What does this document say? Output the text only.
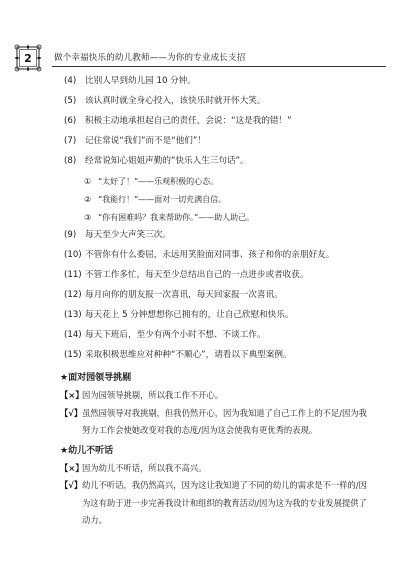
2	做个幸福快乐的幼儿教师——为你的专业成长支招
(4)	比别人早到幼儿园 10 分钟。
(5)	该认真时就全身心投入，该快乐时就开怀大笑。
(6)	积极主动地承担起自己的责任，会说：“这是我的错！”
(7)	记住常说“我们”而不是“他们”！
(8)	经常说知心姐姐声勤的“快乐人生三句话”。
① “太好了！”——乐观积极的心态。
② “我能行！”——面对一切充满自信。
③ “你有困难吗？我来帮助你。”——助人助己。
(9)	每天至少大声笑三次。
(10) 不管你有什么委屈，永远用笑脸面对同事、孩子和你的亲朋好友。
(11) 不管工作多忙，每天至少总结出自己的一点进步或者收获。
(12) 每月向你的朋友报一次喜讯，每天回家报一次喜讯。
(13) 每天花上 5 分钟想想你已拥有的，让自己欣慰和快乐。
(14) 每天下班后，至少有两个小时不想、不谈工作。
(15) 采取积极思维应对种种“不顺心”，请看以下典型案例。
★面对园领导挑剔
【×】
因为园领导挑剔，所以我工作不开心。
【√】 虽然园领导对我挑剔，但我仍然开心，因为我知道了自己工作上的不足/因为我努力工作会使她改变对我的态度/因为这会使我有更优秀的表现。
★幼儿不听话
【×】
因为幼儿不听话，所以我不高兴。
【√】 幼儿不听话，我仍然高兴，因为这让我知道了不同的幼儿的需求是不一样的/因为这有助于进一步完善我设计和组织的教育活动/因为这为我的专业发展提供了动力。
